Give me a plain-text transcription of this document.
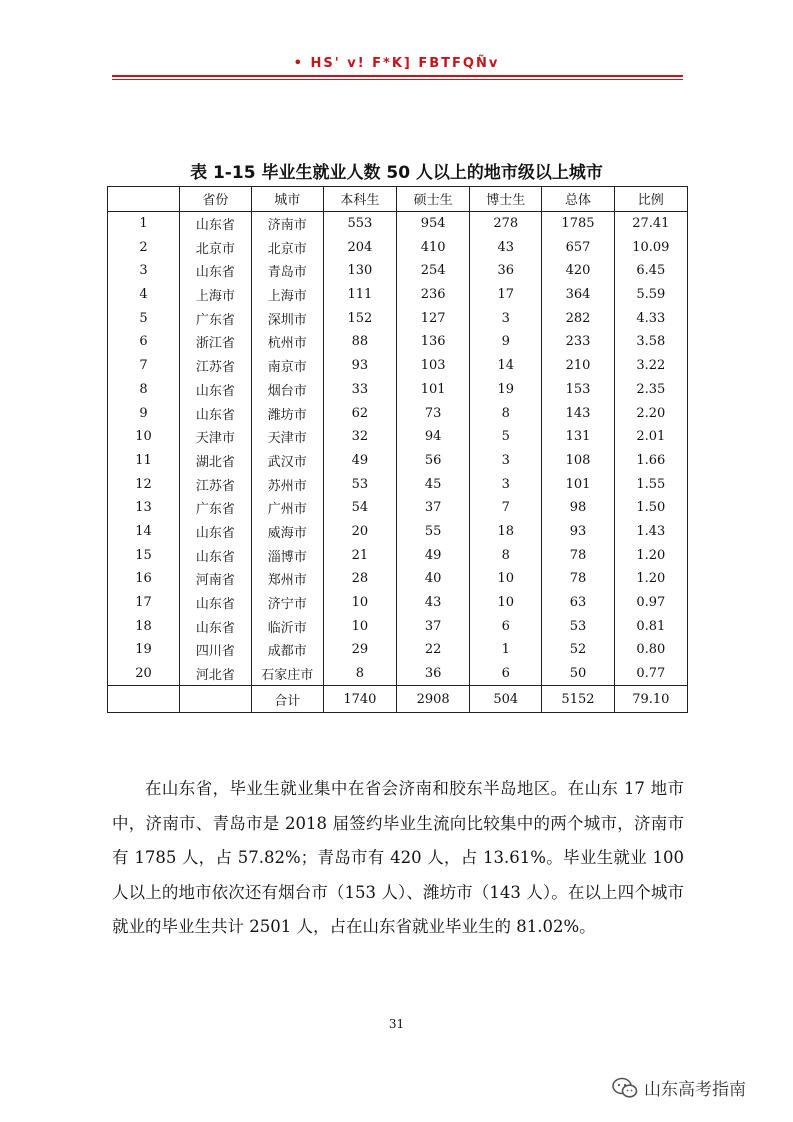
• HS' v! F*K] FBTFQÑv
表 1-15 毕业生就业人数 50 人以上的地市级以上城市
	省份	城市	本科生	硕士生	博士生	总体	比例
1	山东省	济南市	553	954	278	1785	27.41
2	北京市	北京市	204	410	43	657	10.09
3	山东省	青岛市	130	254	36	420	6.45
4	上海市	上海市	111	236	17	364	5.59
5	广东省	深圳市	152	127	3	282	4.33
6	浙江省	杭州市	88	136	9	233	3.58
7	江苏省	南京市	93	103	14	210	3.22
8	山东省	烟台市	33	101	19	153	2.35
9	山东省	潍坊市	62	73	8	143	2.20
10	天津市	天津市	32	94	5	131	2.01
11	湖北省	武汉市	49	56	3	108	1.66
12	江苏省	苏州市	53	45	3	101	1.55
13	广东省	广州市	54	37	7	98	1.50
14	山东省	威海市	20	55	18	93	1.43
15	山东省	淄博市	21	49	8	78	1.20
16	河南省	郑州市	28	40	10	78	1.20
17	山东省	济宁市	10	43	10	63	0.97
18	山东省	临沂市	10	37	6	53	0.81
19	四川省	成都市	29	22	1	52	0.80
20	河北省	石家庄市	8	36	6	50	0.77
		合计	1740	2908	504	5152	79.10
在山东省，毕业生就业集中在省会济南和胶东半岛地区。在山东 17 地市中，济南市、青岛市是 2018 届签约毕业生流向比较集中的两个城市，济南市有 1785 人，占 57.82%；青岛市有 420 人，占 13.61%。毕业生就业 100 人以上的地市依次还有烟台市（153 人）、潍坊市（143 人）。在以上四个城市就业的毕业生共计 2501 人，占在山东省就业毕业生的 81.02%。
31
山东高考指南
